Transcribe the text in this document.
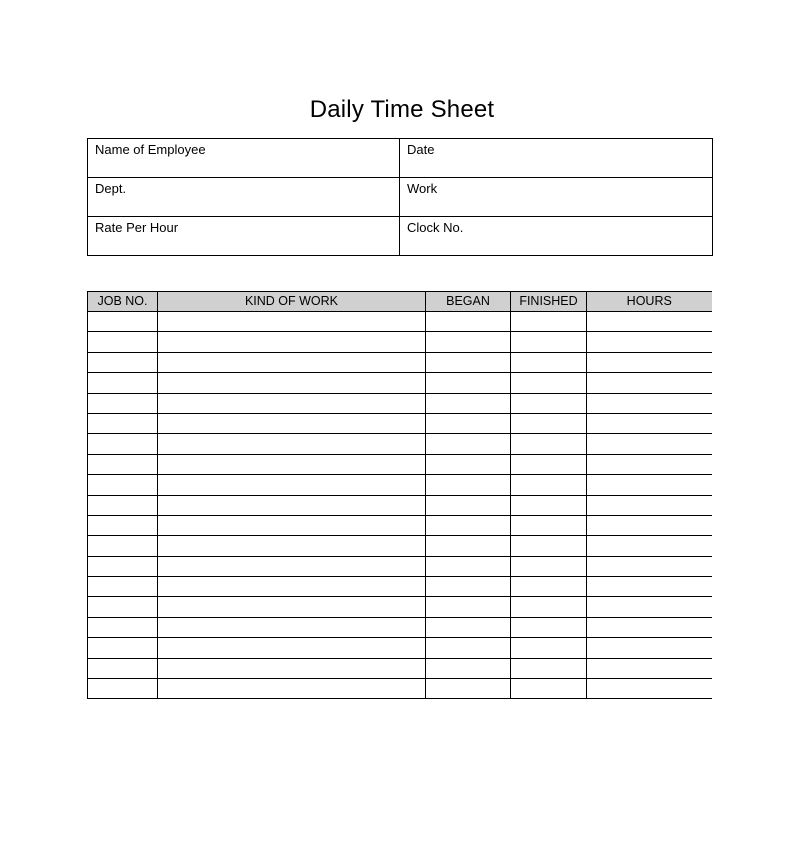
Daily Time Sheet
Name of Employee	Date

Dept.	Work

Rate Per Hour	Clock No.
JOB NO.	KIND OF WORK	BEGAN	FINISHED	HOURS
